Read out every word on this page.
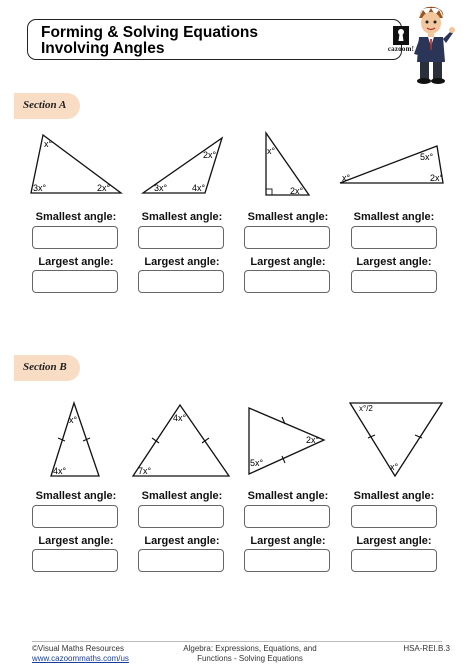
Forming & Solving Equations
Involving Angles	cazoom!
Section A
x°
3x°	2x°
2x°
3x°	4x°
x°
2x°
5x°
x°	2x°
Smallest angle:	Smallest angle:	Smallest angle:	Smallest angle:
Largest angle:	Largest angle:	Largest angle:	Largest angle:
Section B
x°
4x°
4x°
7x°
2x°
5x°
x°/2
x°
Smallest angle:	Smallest angle:	Smallest angle:	Smallest angle:
Largest angle:	Largest angle:	Largest angle:	Largest angle:
©Visual Maths Resources
www.cazoommaths.com/us
Algebra: Expressions, Equations, and
Functions - Solving Equations
HSA-REI.B.3
